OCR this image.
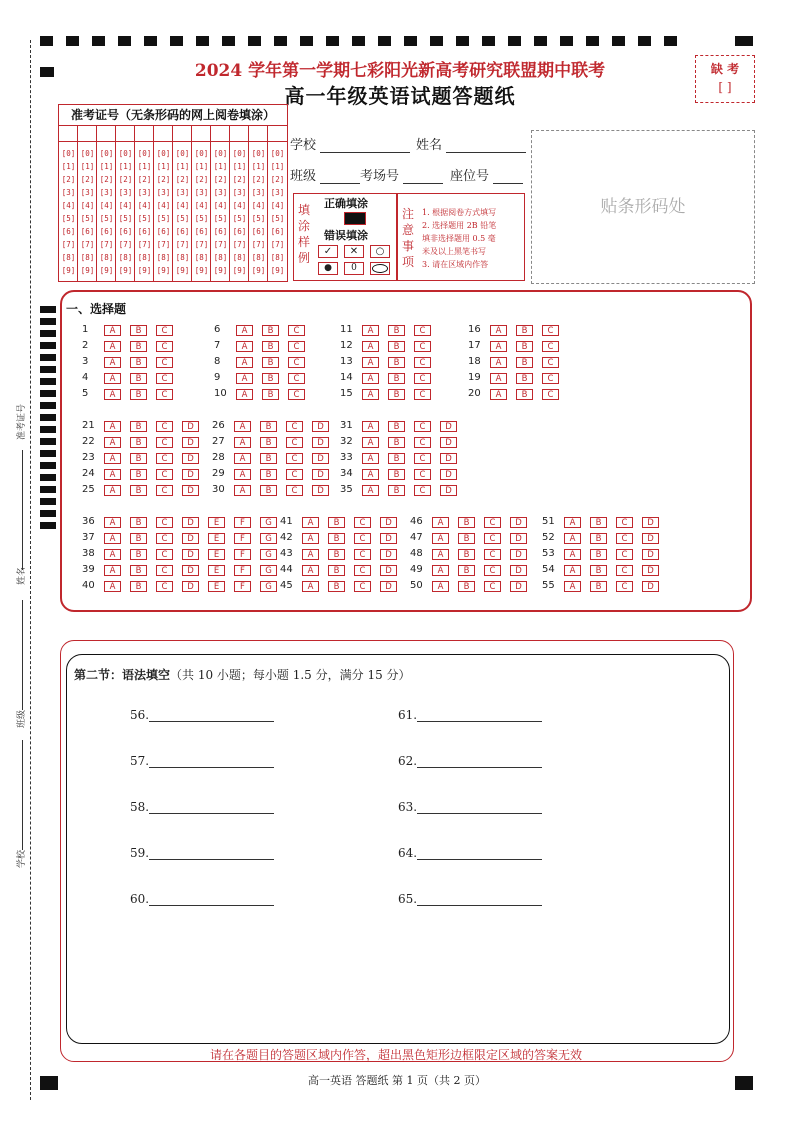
准考证号
姓名
班级
学校
2024 学年第一学期七彩阳光新高考研究联盟期中联考
高一年级英语试题答题纸
缺 考
[ ]
准考证号（无条形码的网上阅卷填涂）
[0]
[1]
[2]
[3]
[4]
[5]
[6]
[7]
[8]
[9]
[0]
[1]
[2]
[3]
[4]
[5]
[6]
[7]
[8]
[9]
[0]
[1]
[2]
[3]
[4]
[5]
[6]
[7]
[8]
[9]
[0]
[1]
[2]
[3]
[4]
[5]
[6]
[7]
[8]
[9]
[0]
[1]
[2]
[3]
[4]
[5]
[6]
[7]
[8]
[9]
[0]
[1]
[2]
[3]
[4]
[5]
[6]
[7]
[8]
[9]
[0]
[1]
[2]
[3]
[4]
[5]
[6]
[7]
[8]
[9]
[0]
[1]
[2]
[3]
[4]
[5]
[6]
[7]
[8]
[9]
[0]
[1]
[2]
[3]
[4]
[5]
[6]
[7]
[8]
[9]
[0]
[1]
[2]
[3]
[4]
[5]
[6]
[7]
[8]
[9]
[0]
[1]
[2]
[3]
[4]
[5]
[6]
[7]
[8]
[9]
[0]
[1]
[2]
[3]
[4]
[5]
[6]
[7]
[8]
[9]
学校	姓名
班级	考场号	座位号
填涂样例
正确填涂
错误填涂
✓	✕	○
●	0
注意事项
1. 根据阅卷方式填写
2. 选择题用 2B 铅笔
填非选择题用 0.5 毫
米及以上黑笔书写
3. 请在区域内作答
贴条形码处
一、选择题
1	A	B	C
2	A	B	C
3	A	B	C
4	A	B	C
5	A	B	C
6	A	B	C
7	A	B	C
8	A	B	C
9	A	B	C
10	A	B	C
11	A	B	C
12	A	B	C
13	A	B	C
14	A	B	C
15	A	B	C
16	A	B	C
17	A	B	C
18	A	B	C
19	A	B	C
20	A	B	C
21	A	B	C	D
22	A	B	C	D
23	A	B	C	D
24	A	B	C	D
25	A	B	C	D
26	A	B	C	D
27	A	B	C	D
28	A	B	C	D
29	A	B	C	D
30	A	B	C	D
31	A	B	C	D
32	A	B	C	D
33	A	B	C	D
34	A	B	C	D
35	A	B	C	D
36	A	B	C	D	E	F	G
37	A	B	C	D	E	F	G
38	A	B	C	D	E	F	G
39	A	B	C	D	E	F	G
40	A	B	C	D	E	F	G
41	A	B	C	D
42	A	B	C	D
43	A	B	C	D
44	A	B	C	D
45	A	B	C	D
46	A	B	C	D
47	A	B	C	D
48	A	B	C	D
49	A	B	C	D
50	A	B	C	D
51	A	B	C	D
52	A	B	C	D
53	A	B	C	D
54	A	B	C	D
55	A	B	C	D
第二节：语法填空（共 10 小题；每小题 1.5 分，满分 15 分）
56.
57.
58.
59.
60.
61.
62.
63.
64.
65.
请在各题目的答题区域内作答，超出黑色矩形边框限定区域的答案无效
高一英语 答题纸 第 1 页（共 2 页）
